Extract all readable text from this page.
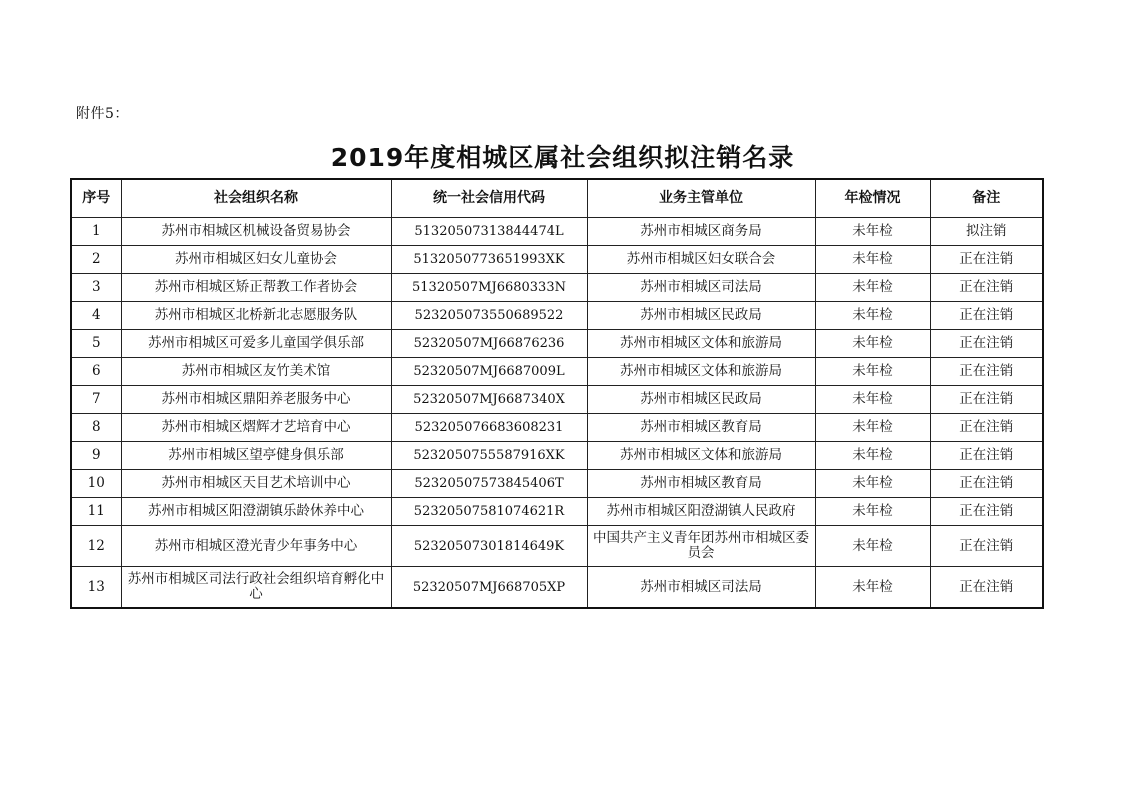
附件5：
2019年度相城区属社会组织拟注销名录
序号	社会组织名称	统一社会信用代码	业务主管单位	年检情况	备注
1	苏州市相城区机械设备贸易协会	51320507313844474L	苏州市相城区商务局	未年检	拟注销
2	苏州市相城区妇女儿童协会	5132050773651993XK	苏州市相城区妇女联合会	未年检	正在注销
3	苏州市相城区矫正帮教工作者协会	51320507MJ6680333N	苏州市相城区司法局	未年检	正在注销
4	苏州市相城区北桥新北志愿服务队	523205073550689522	苏州市相城区民政局	未年检	正在注销
5	苏州市相城区可爱多儿童国学俱乐部	52320507MJ66876236	苏州市相城区文体和旅游局	未年检	正在注销
6	苏州市相城区友竹美术馆	52320507MJ6687009L	苏州市相城区文体和旅游局	未年检	正在注销
7	苏州市相城区鼎阳养老服务中心	52320507MJ6687340X	苏州市相城区民政局	未年检	正在注销
8	苏州市相城区熠辉才艺培育中心	523205076683608231	苏州市相城区教育局	未年检	正在注销
9	苏州市相城区望亭健身俱乐部	5232050755587916XK	苏州市相城区文体和旅游局	未年检	正在注销
10	苏州市相城区天目艺术培训中心	52320507573845406T	苏州市相城区教育局	未年检	正在注销
11	苏州市相城区阳澄湖镇乐龄休养中心	52320507581074621R	苏州市相城区阳澄湖镇人民政府	未年检	正在注销
12	苏州市相城区澄光青少年事务中心	52320507301814649K	中国共产主义青年团苏州市相城区委员会	未年检	正在注销
13	苏州市相城区司法行政社会组织培育孵化中心	52320507MJ668705XP	苏州市相城区司法局	未年检	正在注销
